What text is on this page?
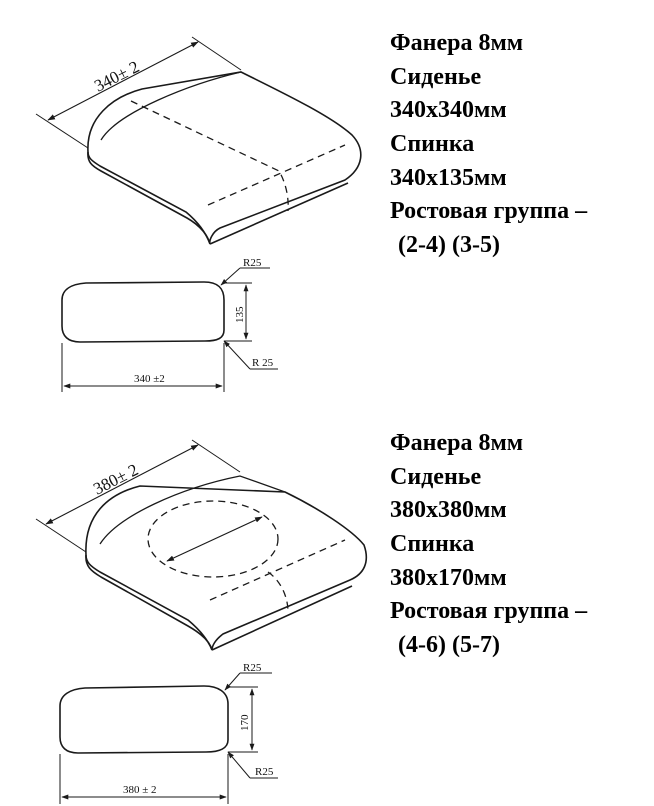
340± 2
R25
135
R 25
340 ±2
380± 2
R25
170
R25
380 ± 2
Фанера 8мм
Сиденье
340x340мм
Спинка
340x135мм
Ростовая группа –
(2-4) (3-5)
Фанера 8мм
Сиденье
380x380мм
Спинка
380x170мм
Ростовая группа –
(4-6) (5-7)
